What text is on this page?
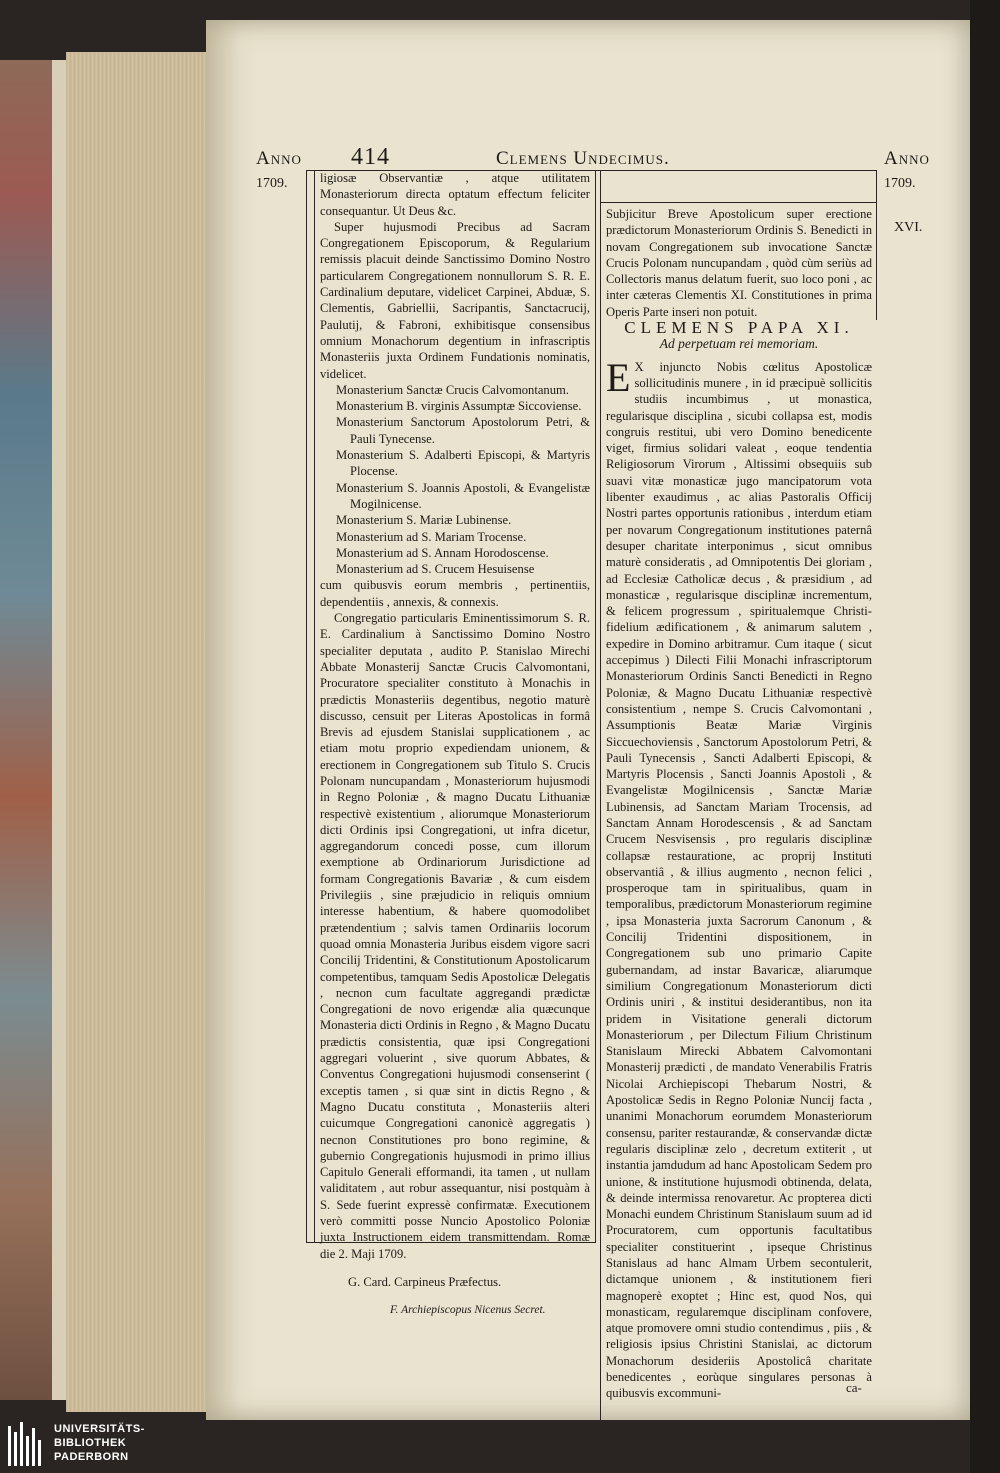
Anno 414	Clemens Undecimus.	Anno
1709.	1709.
XVI.

ligiosæ Observantiæ , atque utilitatem Monasteriorum directa optatum effectum feliciter consequantur. Ut Deus &c.

Super hujusmodi Precibus ad Sacram Congregationem Episcoporum, & Regularium remissis placuit deinde Sanctissimo Domino Nostro particularem Congregationem nonnullorum S. R. E. Cardinalium deputare, videlicet Carpinei, Abduæ, S. Clementis, Gabriellii, Sacripantis, Sanctacrucij, Paulutij, & Fabroni, exhibitisque consensibus omnium Monachorum degentium in infrascriptis Monasteriis juxta Ordinem Fundationis nominatis, videlicet.

Monasterium Sanctæ Crucis Calvomontanum.

Monasterium B. virginis Assumptæ Siccoviense.

Monasterium Sanctorum Apostolorum Petri, & Pauli Tynecense.

Monasterium S. Adalberti Episcopi, & Martyris Plocense.

Monasterium S. Joannis Apostoli, & Evangelistæ Mogilnicense.

Monasterium S. Mariæ Lubinense.

Monasterium ad S. Mariam Trocense.

Monasterium ad S. Annam Horodoscense.

Monasterium ad S. Crucem Hesuisense

cum quibusvis eorum membris , pertinentiis, dependentiis , annexis, & connexis.

Congregatio particularis Eminentissimorum S. R. E. Cardinalium à Sanctissimo Domino Nostro specialiter deputata , audito P. Stanislao Mirechi Abbate Monasterij Sanctæ Crucis Calvomontani, Procuratore specialiter constituto à Monachis in prædictis Monasteriis degentibus, negotio maturè discusso, censuit per Literas Apostolicas in formâ Brevis ad ejusdem Stanislai supplicationem , ac etiam motu proprio expediendam unionem, & erectionem in Congregationem sub Titulo S. Crucis Polonam nuncupandam , Monasteriorum hujusmodi in Regno Poloniæ , & magno Ducatu Lithuaniæ respectivè existentium , aliorumque Monasteriorum dicti Ordinis ipsi Congregationi, ut infra dicetur, aggregandorum concedi posse, cum illorum exemptione ab Ordinariorum Jurisdictione ad formam Congregationis Bavariæ , & cum eisdem Privilegiis , sine præjudicio in reliquis omnium interesse habentium, & habere quomodolibet prætendentium ; salvis tamen Ordinariis locorum quoad omnia Monasteria Juribus eisdem vigore sacri Concilij Tridentini, & Constitutionum Apostolicarum competentibus, tamquam Sedis Apostolicæ Delegatis , necnon cum facultate aggregandi prædictæ Congregationi de novo erigendæ alia quæcunque Monasteria dicti Ordinis in Regno , & Magno Ducatu prædictis consistentia, quæ ipsi Congregationi aggregari voluerint , sive quorum Abbates, & Conventus Congregationi hujusmodi consenserint ( exceptis tamen , si quæ sint in dictis Regno , & Magno Ducatu constituta , Monasteriis alteri cuicumque Congregationi canonicè aggregatis ) necnon Constitutiones pro bono regimine, & gubernio Congregationis hujusmodi in primo illius Capitulo Generali efformandi, ita tamen , ut nullam validitatem , aut robur assequantur, nisi postquàm à S. Sede fuerint expressè confirmatæ. Executionem verò committi posse Nuncio Apostolico Poloniæ juxta Instructionem eidem transmittendam. Romæ die 2. Maji 1709.

G. Card. Carpineus Præfectus.

F. Archiepiscopus Nicenus Secret.

Subjicitur Breve Apostolicum super erectione prædictorum Monasteriorum Ordinis S. Benedicti in novam Congregationem sub invocatione Sanctæ Crucis Polonam nuncupandam , quòd cùm seriùs ad Collectoris manus delatum fuerit, suo loco poni , ac inter cæteras Clementis XI. Constitutiones in prima Operis Parte inseri non potuit.

CLEMENS PAPA XI.

Ad perpetuam rei memoriam.

E X injuncto Nobis cœlitus Apostolicæ sollicitudinis munere , in id præcipuè sollicitis studiis incumbimus , ut monastica, regularisque disciplina , sicubi collapsa est, modis congruis restitui, ubi vero Domino benedicente viget, firmius solidari valeat , eoque tendentia Religiosorum Virorum , Altissimi obsequiis sub suavi vitæ monasticæ jugo mancipatorum vota libenter exaudimus , ac alias Pastoralis Officij Nostri partes opportunis rationibus , interdum etiam per novarum Congregationum institutiones paternâ desuper charitate interponimus , sicut omnibus maturè consideratis , ad Omnipotentis Dei gloriam , ad Ecclesiæ Catholicæ decus , & præsidium , ad monasticæ , regularisque disciplinæ incrementum, & felicem progressum , spiritualemque Christi-fidelium ædificationem , & animarum salutem , expedire in Domino arbitramur. Cum itaque ( sicut accepimus ) Dilecti Filii Monachi infrascriptorum Monasteriorum Ordinis Sancti Benedicti in Regno Poloniæ, & Magno Ducatu Lithuaniæ respectivè consistentium , nempe S. Crucis Calvomontani , Assumptionis Beatæ Mariæ Virginis Siccuechoviensis , Sanctorum Apostolorum Petri, & Pauli Tynecensis , Sancti Adalberti Episcopi, & Martyris Plocensis , Sancti Joannis Apostoli , & Evangelistæ Mogilnicensis , Sanctæ Mariæ Lubinensis, ad Sanctam Mariam Trocensis, ad Sanctam Annam Horodescensis , & ad Sanctam Crucem Nesvisensis , pro regularis disciplinæ collapsæ restauratione, ac proprij Instituti observantiâ , & illius augmento , necnon felici , prosperoque tam in spiritualibus, quam in temporalibus, prædictorum Monasteriorum regimine , ipsa Monasteria juxta Sacrorum Canonum , & Concilij Tridentini dispositionem, in Congregationem sub uno primario Capite gubernandam, ad instar Bavaricæ, aliarumque similium Congregationum Monasteriorum dicti Ordinis uniri , & institui desiderantibus, non ita pridem in Visitatione generali dictorum Monasteriorum , per Dilectum Filium Christinum Stanislaum Mirecki Abbatem Calvomontani Monasterij prædicti , de mandato Venerabilis Fratris Nicolai Archiepiscopi Thebarum Nostri, & Apostolicæ Sedis in Regno Poloniæ Nuncij facta , unanimi Monachorum eorumdem Monasteriorum consensu, pariter restaurandæ, & conservandæ dictæ regularis disciplinæ zelo , decretum extiterit , ut instantia jamdudum ad hanc Apostolicam Sedem pro unione, & institutione hujusmodi obtinenda, delata, & deinde intermissa renovaretur. Ac propterea dicti Monachi eundem Christinum Stanislaum suum ad id Procuratorem, cum opportunis facultatibus specialiter constituerint , ipseque Christinus Stanislaus ad hanc Almam Urbem secontulerit, dictamque unionem , & institutionem fieri magnoperè exoptet ; Hinc est, quod Nos, qui monasticam, regularemque disciplinam confovere, atque promovere omni studio contendimus , piis , & religiosis ipsius Christini Stanislai, ac dictorum Monachorum desideriis Apostolicâ charitate benedicentes , eorùque singulares personas à quibusvis excommuni-	ca-
UNIVERSITÄTS-
BIBLIOTHEK
PADERBORN
